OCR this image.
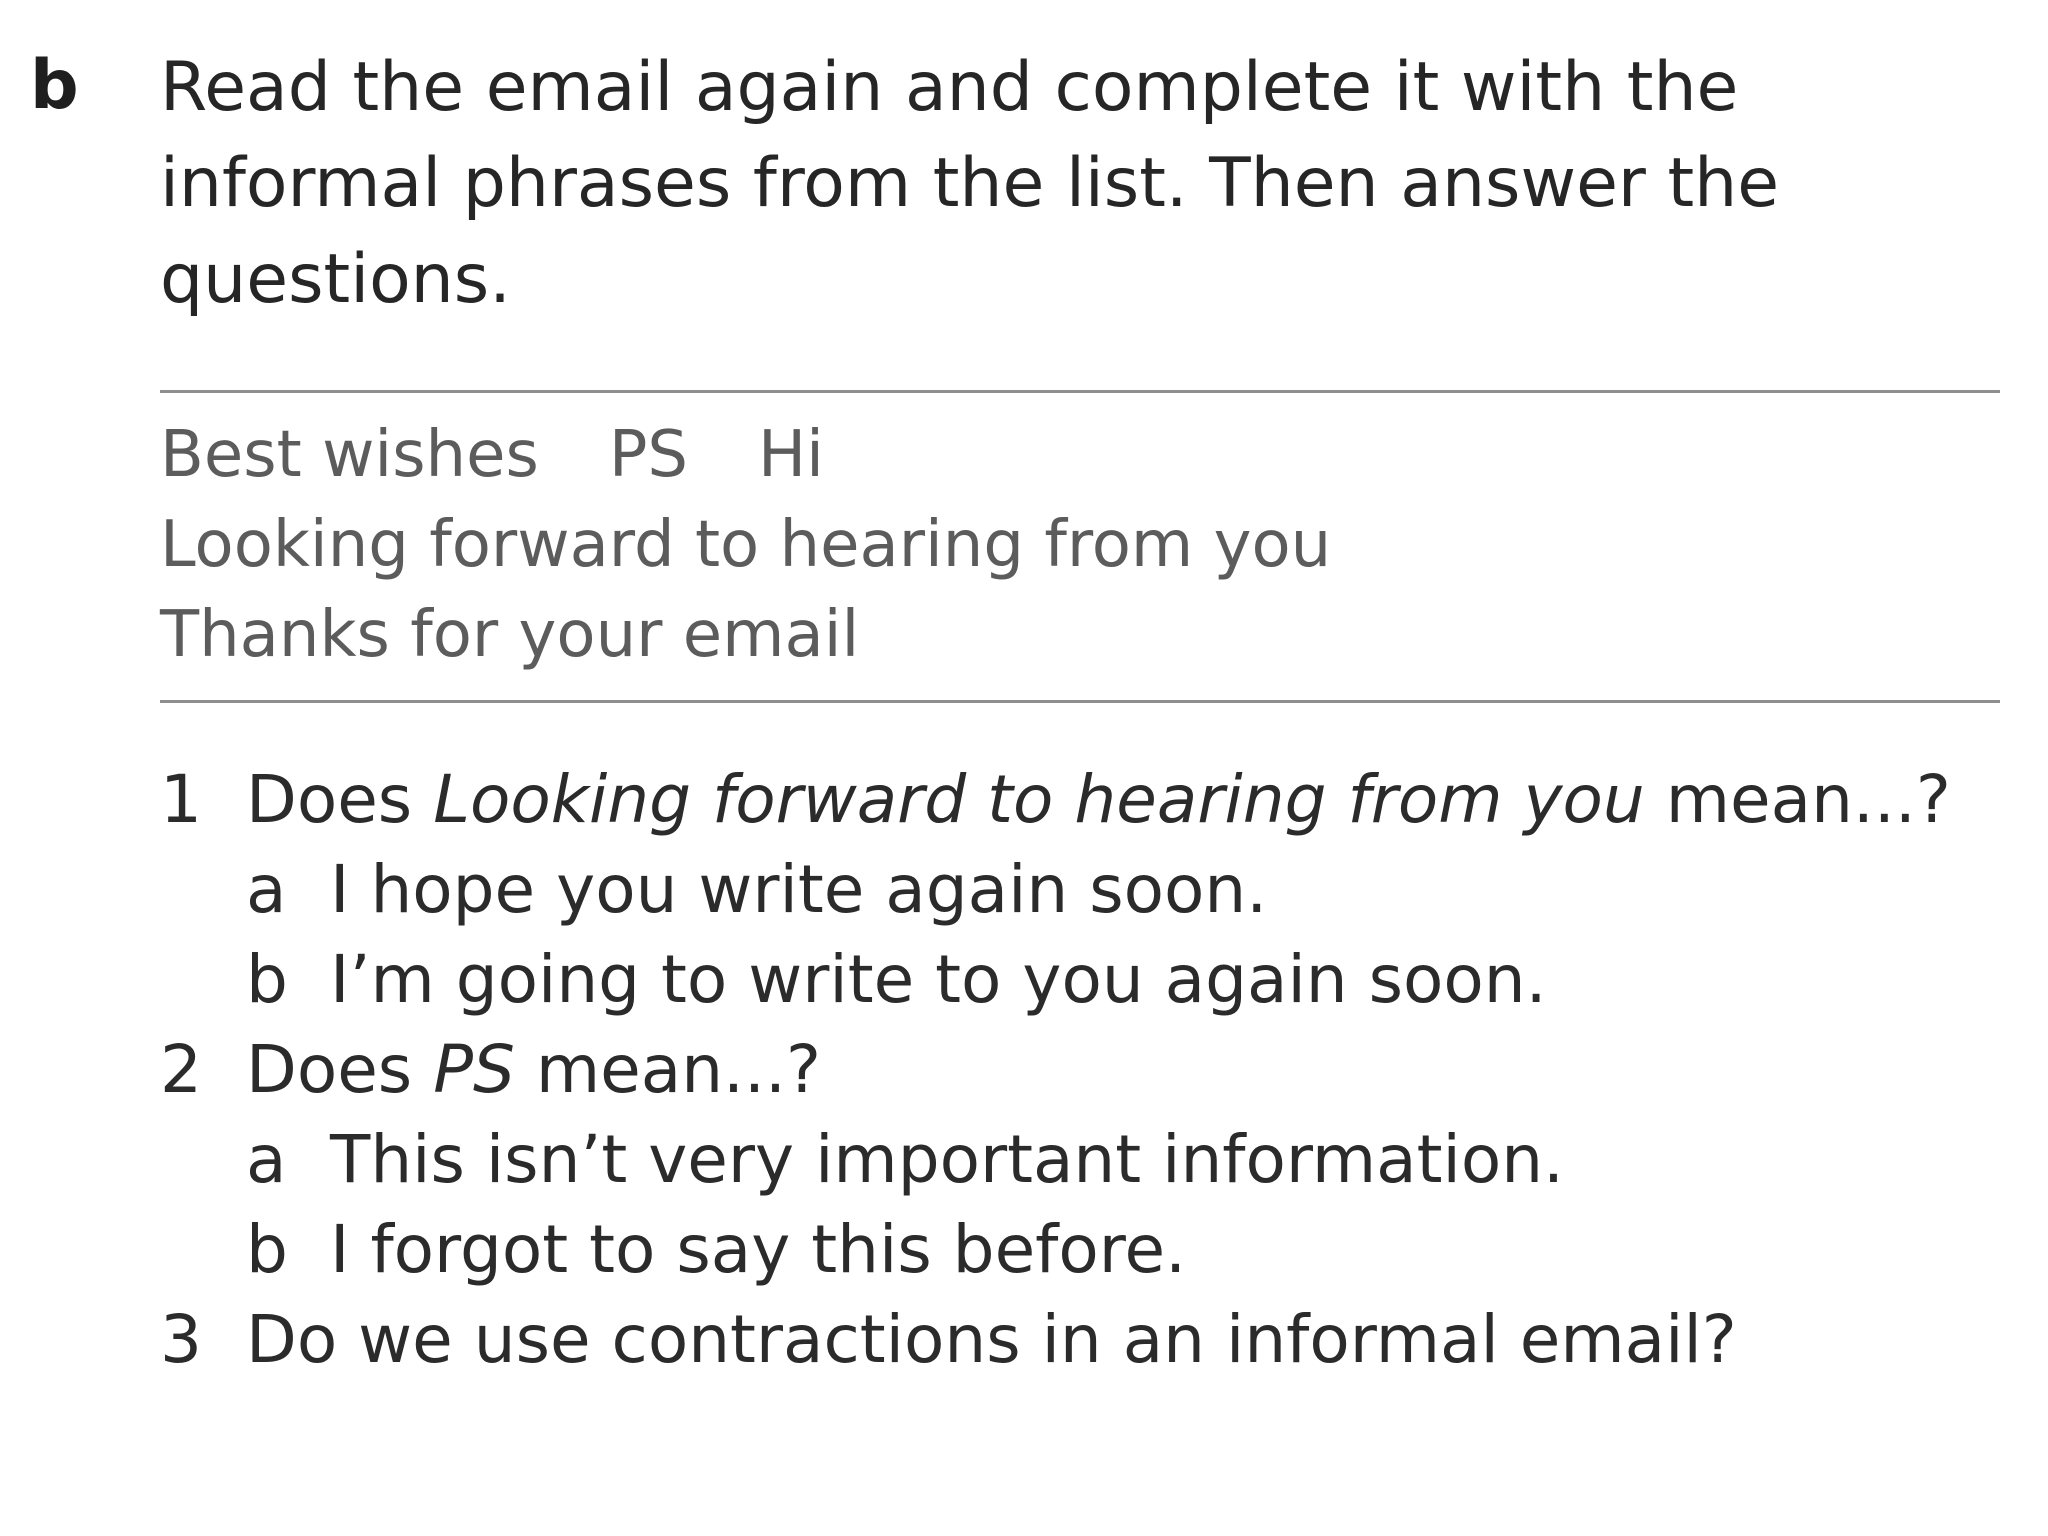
b Read the email again and complete it with the informal phrases from the list. Then answer the questions.
Best wishes PS Hi
Looking forward to hearing from you
Thanks for your email
1 Does Looking forward to hearing from you mean...?
a I hope you write again soon.
b I’m going to write to you again soon.
2 Does PS mean...?
a This isn’t very important information.
b I forgot to say this before.
3 Do we use contractions in an informal email?
